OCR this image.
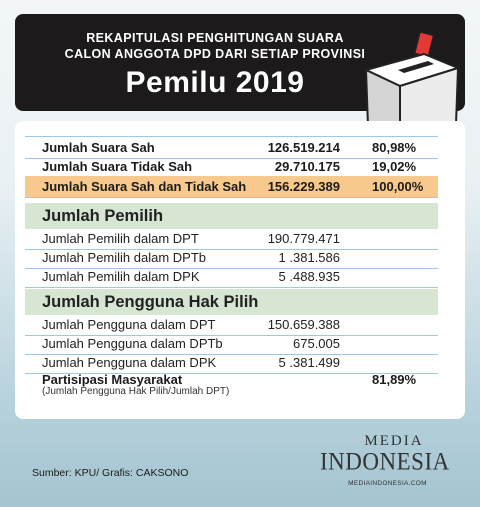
REKAPITULASI PENGHITUNGAN SUARA
CALON ANGGOTA DPD DARI SETIAP PROVINSI
Pemilu 2019
Jumlah Suara Sah	126.519.214 80,98%
Jumlah Suara Tidak Sah	29.710.175 19,02%
Jumlah Suara Sah dan Tidak Sah	156.229.389 100,00%
Jumlah Pemilih
Jumlah Pemilih dalam DPT	190.779.471
Jumlah Pemilih dalam DPTb	1 .381.586
Jumlah Pemilih dalam DPK	5 .488.935
Jumlah Pengguna Hak Pilih
Jumlah Pengguna dalam DPT	150.659.388
Jumlah Pengguna dalam DPTb	675.005
Jumlah Pengguna dalam DPK	5 .381.499
Partisipasi Masyarakat
(Jumlah Pengguna Hak Pilih/Jumlah DPT)
81,89%
Sumber: KPU/ Grafis: CAKSONO
MEDIA
INDONESIA
MEDIAINDONESIA.COM
